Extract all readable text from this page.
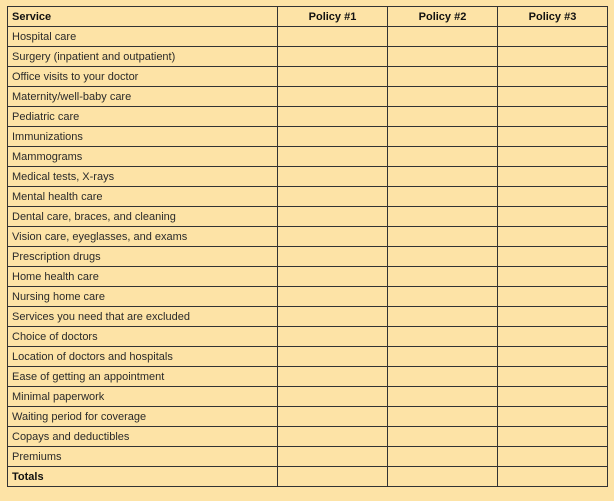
Service	Policy #1	Policy #2	Policy #3
Hospital care			
Surgery (inpatient and outpatient)			
Office visits to your doctor			
Maternity/well-baby care			
Pediatric care			
Immunizations			
Mammograms			
Medical tests, X-rays			
Mental health care			
Dental care, braces, and cleaning			
Vision care, eyeglasses, and exams			
Prescription drugs			
Home health care			
Nursing home care			
Services you need that are excluded			
Choice of doctors			
Location of doctors and hospitals			
Ease of getting an appointment			
Minimal paperwork			
Waiting period for coverage			
Copays and deductibles			
Premiums			
Totals			
